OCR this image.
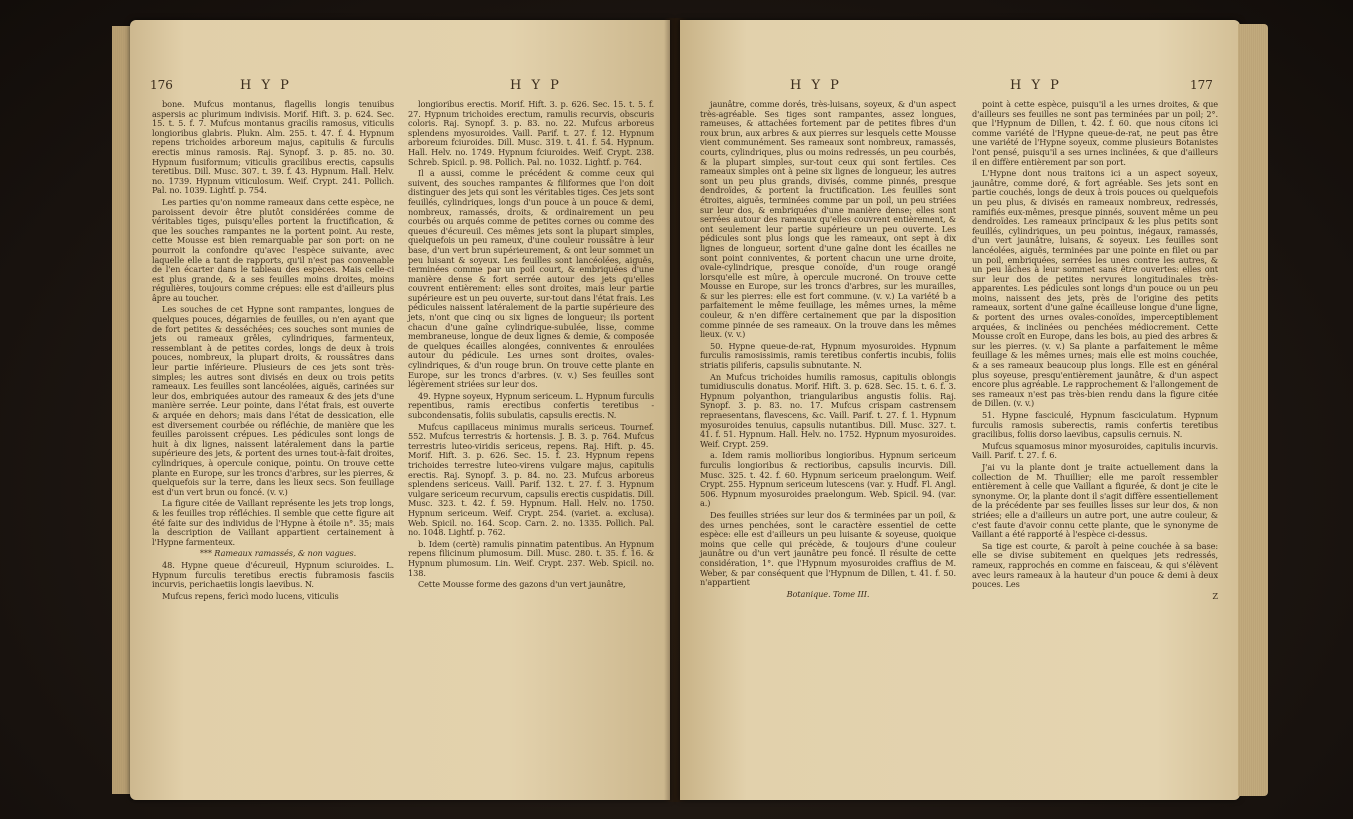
176	H Y P	H Y P

bone. Mufcus montanus, flagellis longis tenuibus aspersis ac plurimum indivisis. Morif. Hift. 3. p. 624. Sec. 15. t. 5. f. 7. Mufcus montanus gracilis ramosus, viticulis longioribus glabris. Plukn. Alm. 255. t. 47. f. 4. Hypnum repens trichoides arboreum majus, capitulis & furculis erectis minus ramosis. Raj. Synopf. 3. p. 85. no. 30. Hypnum fusiformum; viticulis gracilibus erectis, capsulis teretibus. Dill. Musc. 307. t. 39. f. 43. Hypnum. Hall. Helv. no. 1739. Hypnum viticulosum. Weif. Crypt. 241. Pollich. Pal. no. 1039. Lightf. p. 754.

Les parties qu'on nomme rameaux dans cette espèce, ne paroissent devoir être plutôt considérées comme de véritables tiges, puisqu'elles portent la fructification, & que les souches rampantes ne la portent point. Au reste, cette Mousse est bien remarquable par son port: on ne pourroit la confondre qu'avec l'espèce suivante, avec laquelle elle a tant de rapports, qu'il n'est pas convenable de l'en écarter dans le tableau des espèces. Mais celle-ci est plus grande, & a ses feuilles moins droites, moins régulières, toujours comme crépues: elle est d'ailleurs plus âpre au toucher.

Les souches de cet Hypne sont rampantes, longues de quelques pouces, dégarnies de feuilles, ou n'en ayant que de fort petites & desséchées; ces souches sont munies de jets ou rameaux grêles, cylindriques, farmenteux, ressemblant à de petites cordes, longs de deux à trois pouces, nombreux, la plupart droits, & roussâtres dans leur partie inférieure. Plusieurs de ces jets sont très-simples; les autres sont divisés en deux ou trois petits rameaux. Les feuilles sont lancéolées, aiguës, carinées sur leur dos, embriquées autour des rameaux & des jets d'une manière serrée. Leur pointe, dans l'état frais, est ouverte & arquée en dehors; mais dans l'état de dessication, elle est diversement courbée ou réfléchie, de manière que les feuilles paroissent crépues. Les pédicules sont longs de huit à dix lignes, naissent latéralement dans la partie supérieure des jets, & portent des urnes tout-à-fait droites, cylindriques, à opercule conique, pointu. On trouve cette plante en Europe, sur les troncs d'arbres, sur les pierres, & quelquefois sur la terre, dans les lieux secs. Son feuillage est d'un vert brun ou foncé. (v. v.)

La figure citée de Vaillant représente les jets trop longs, & les feuilles trop réfléchies. Il semble que cette figure ait été faite sur des individus de l'Hypne à étoile n°. 35; mais la description de Vaillant appartient certainement à l'Hypne farmenteux.

*** Rameaux ramassés, & non vagues.

48. Hypne queue d'écureuil, Hypnum sciuroides. L. Hypnum furculis teretibus erectis fubramosis fasciis incurvis, perichaetiis longis laevibus. N.

Mufcus repens, fericì modo lucens, viticulis

longioribus erectis. Morif. Hift. 3. p. 626. Sec. 15. t. 5. f. 27. Hypnum trichoides erectum, ramulis recurvis, obscuris coloris. Raj. Synopf. 3. p. 83. no. 22. Mufcus arboreus splendens myosuroides. Vaill. Parif. t. 27. f. 12. Hypnum arboreum fciuroides. Dill. Musc. 319. t. 41. f. 54. Hypnum. Hall. Helv. no. 1749. Hypnum fciuroides. Weif. Crypt. 238. Schreb. Spicil. p. 98. Pollich. Pal. no. 1032. Lightf. p. 764.

Il a aussi, comme le précédent & comme ceux qui suivent, des souches rampantes & filiformes que l'on doit distinguer des jets qui sont les véritables tiges. Ces jets sont feuillés, cylindriques, longs d'un pouce à un pouce & demi, nombreux, ramassés, droits, & ordinairement un peu courbés ou arqués comme de petites cornes ou comme des queues d'écureuil. Ces mêmes jets sont la plupart simples, quelquefois un peu rameux, d'une couleur roussâtre à leur base, d'un vert brun supérieurement, & ont leur sommet un peu luisant & soyeux. Les feuilles sont lancéolées, aiguës, terminées comme par un poil court, & embriquées d'une manière dense & fort serrée autour des jets qu'elles couvrent entièrement: elles sont droites, mais leur partie supérieure est un peu ouverte, sur-tout dans l'état frais. Les pédicules naissent latéralement de la partie supérieure des jets, n'ont que cinq ou six lignes de longueur; ils portent chacun d'une gaîne cylindrique-subulée, lisse, comme membraneuse, longue de deux lignes & demie, & composée de quelques écailles alongées, conniventes & enroulées autour du pédicule. Les urnes sont droites, ovales-cylindriques, & d'un rouge brun. On trouve cette plante en Europe, sur les troncs d'arbres. (v. v.) Ses feuilles sont légèrement striées sur leur dos.

49. Hypne soyeux, Hypnum sericeum. L. Hypnum furculis repentibus, ramis erectibus confertis teretibus - subcondensatis, foliis subulatis, capsulis erectis. N.

Mufcus capillaceus minimus muralis sericeus. Tournef. 552. Mufcus terrestris & hortensis. J. B. 3. p. 764. Mufcus terrestris luteo-viridis sericeus, repens. Raj. Hift. p. 45. Morif. Hift. 3. p. 626. Sec. 15. f. 23. Hypnum repens trichoides terrestre luteo-virens vulgare majus, capitulis erectis. Raj. Synopf. 3. p. 84. no. 23. Mufcus arboreus splendens sericeus. Vaill. Parif. 132. t. 27. f. 3. Hypnum vulgare sericeum recurvum, capsulis erectis cuspidatis. Dill. Musc. 323. t. 42. f. 59. Hypnum. Hall. Helv. no. 1750. Hypnum sericeum. Weif. Crypt. 254. (variet. a. exclusa). Web. Spicil. no. 164. Scop. Carn. 2. no. 1335. Pollich. Pal. no. 1048. Lightf. p. 762.

b. Idem (certè) ramulis pinnatim patentibus. An Hypnum repens filicinum plumosum. Dill. Musc. 280. t. 35. f. 16. & Hypnum plumosum. Lin. Weif. Crypt. 237. Web. Spicil. no. 138.

Cette Mousse forme des gazons d'un vert jaunâtre,

H Y P	H Y P	177

jaunâtre, comme dorés, très-luisans, soyeux, & d'un aspect très-agréable. Ses tiges sont rampantes, assez longues, rameuses, & attachées fortement par de petites fibres d'un roux brun, aux arbres & aux pierres sur lesquels cette Mousse vient communément. Ses rameaux sont nombreux, ramassés, courts, cylindriques, plus ou moins redressés, un peu courbés, & la plupart simples, sur-tout ceux qui sont fertiles. Ces rameaux simples ont à peine six lignes de longueur, les autres sont un peu plus grands, divisés, comme pinnés, presque dendroïdes, & portent la fructification. Les feuilles sont étroites, aiguës, terminées comme par un poil, un peu striées sur leur dos, & embriquées d'une manière dense; elles sont serrées autour des rameaux qu'elles couvrent entièrement, & ont seulement leur partie supérieure un peu ouverte. Les pédicules sont plus longs que les rameaux, ont sept à dix lignes de longueur, sortent d'une gaîne dont les écailles ne sont point conniventes, & portent chacun une urne droite, ovale-cylindrique, presque conoïde, d'un rouge orangé lorsqu'elle est mûre, à opercule mucroné. On trouve cette Mousse en Europe, sur les troncs d'arbres, sur les murailles, & sur les pierres: elle est fort commune. (v. v.) La variété b a parfaitement le même feuillage, les mêmes urnes, la même couleur, & n'en diffère certainement que par la disposition comme pinnée de ses rameaux. On la trouve dans les mêmes lieux. (v. v.)

50. Hypne queue-de-rat, Hypnum myosuroides. Hypnum furculis ramosissimis, ramis teretibus confertis incubis, foliis striatis piliferis, capsulis subnutante. N.

An Mufcus trichoides humilis ramosus, capitulis oblongis tumidiusculis donatus. Morif. Hift. 3. p. 628. Sec. 15. t. 6. f. 3. Hypnum polyanthon, triangularibus angustis foliis. Raj. Synopf. 3. p. 83. no. 17. Mufcus crispam castrensem repraesentans, flavescens, &c. Vaill. Parif. t. 27. f. 1. Hypnum myosuroides tenuius, capsulis nutantibus. Dill. Musc. 327. t. 41. f. 51. Hypnum. Hall. Helv. no. 1752. Hypnum myosuroides. Weif. Crypt. 259.

a. Idem ramis mollioribus longioribus. Hypnum sericeum furculis longioribus & rectioribus, capsulis incurvis. Dill. Musc. 325. t. 42. f. 60. Hypnum sericeum praelongum. Weif. Crypt. 255. Hypnum sericeum lutescens (var. y. Hudf. Fl. Angl. 506. Hypnum myosuroides praelongum. Web. Spicil. 94. (var. a.)

Des feuilles striées sur leur dos & terminées par un poil, & des urnes penchées, sont le caractère essentiel de cette espèce: elle est d'ailleurs un peu luisante & soyeuse, quoique moins que celle qui précède, & toujours d'une couleur jaunâtre ou d'un vert jaunâtre peu foncé. Il résulte de cette considération, 1°. que l'Hypnum myosuroides craffius de M. Weber, & par conséquent que l'Hypnum de Dillen, t. 41. f. 50. n'appartient

Botanique. Tome III.

point à cette espèce, puisqu'il a les urnes droites, & que d'ailleurs ses feuilles ne sont pas terminées par un poil; 2°. que l'Hypnum de Dillen, t. 42. f. 60. que nous citons ici comme variété de l'Hypne queue-de-rat, ne peut pas être une variété de l'Hypne soyeux, comme plusieurs Botanistes l'ont pensé, puisqu'il a ses urnes inclinées, & que d'ailleurs il en diffère entièrement par son port.

L'Hypne dont nous traitons ici a un aspect soyeux, jaunâtre, comme doré, & fort agréable. Ses jets sont en partie couchés, longs de deux à trois pouces ou quelquefois un peu plus, & divisés en rameaux nombreux, redressés, ramifiés eux-mêmes, presque pinnés, souvent même un peu dendroïdes. Les rameaux principaux & les plus petits sont feuillés, cylindriques, un peu pointus, inégaux, ramassés, d'un vert jaunâtre, luisans, & soyeux. Les feuilles sont lancéolées, aiguës, terminées par une pointe en filet ou par un poil, embriquées, serrées les unes contre les autres, & un peu lâches à leur sommet sans être ouvertes: elles ont sur leur dos de petites nervures longitudinales très-apparentes. Les pédicules sont longs d'un pouce ou un peu moins, naissent des jets, près de l'origine des petits rameaux, sortent d'une gaîne écailleuse longue d'une ligne, & portent des urnes ovales-conoïdes, imperceptiblement arquées, & inclinées ou penchées médiocrement. Cette Mousse croît en Europe, dans les bois, au pied des arbres & sur les pierres. (v. v.) Sa plante a parfaitement le même feuillage & les mêmes urnes; mais elle est moins couchée, & a ses rameaux beaucoup plus longs. Elle est en général plus soyeuse, presqu'entièrement jaunâtre, & d'un aspect encore plus agréable. Le rapprochement & l'allongement de ses rameaux n'est pas très-bien rendu dans la figure citée de Dillen. (v. v.)

51. Hypne fasciculé, Hypnum fasciculatum. Hypnum furculis ramosis suberectis, ramis confertis teretibus gracilibus, foliis dorso laevibus, capsulis cernuis. N.

Mufcus squamosus minor myosuroides, capitulis incurvis. Vaill. Parif. t. 27. f. 6.

J'ai vu la plante dont je traite actuellement dans la collection de M. Thuillier; elle me paroît ressembler entièrement à celle que Vaillant a figurée, & dont je cite le synonyme. Or, la plante dont il s'agit diffère essentiellement de la précédente par ses feuilles lisses sur leur dos, & non striées; elle a d'ailleurs un autre port, une autre couleur, & c'est faute d'avoir connu cette plante, que le synonyme de Vaillant a été rapporté à l'espèce ci-dessus.

Sa tige est courte, & paroît à peine couchée à sa base: elle se divise subitement en quelques jets redressés, rameux, rapprochés en comme en faisceau, & qui s'élèvent avec leurs rameaux à la hauteur d'un pouce & demi à deux pouces. Les

Z
